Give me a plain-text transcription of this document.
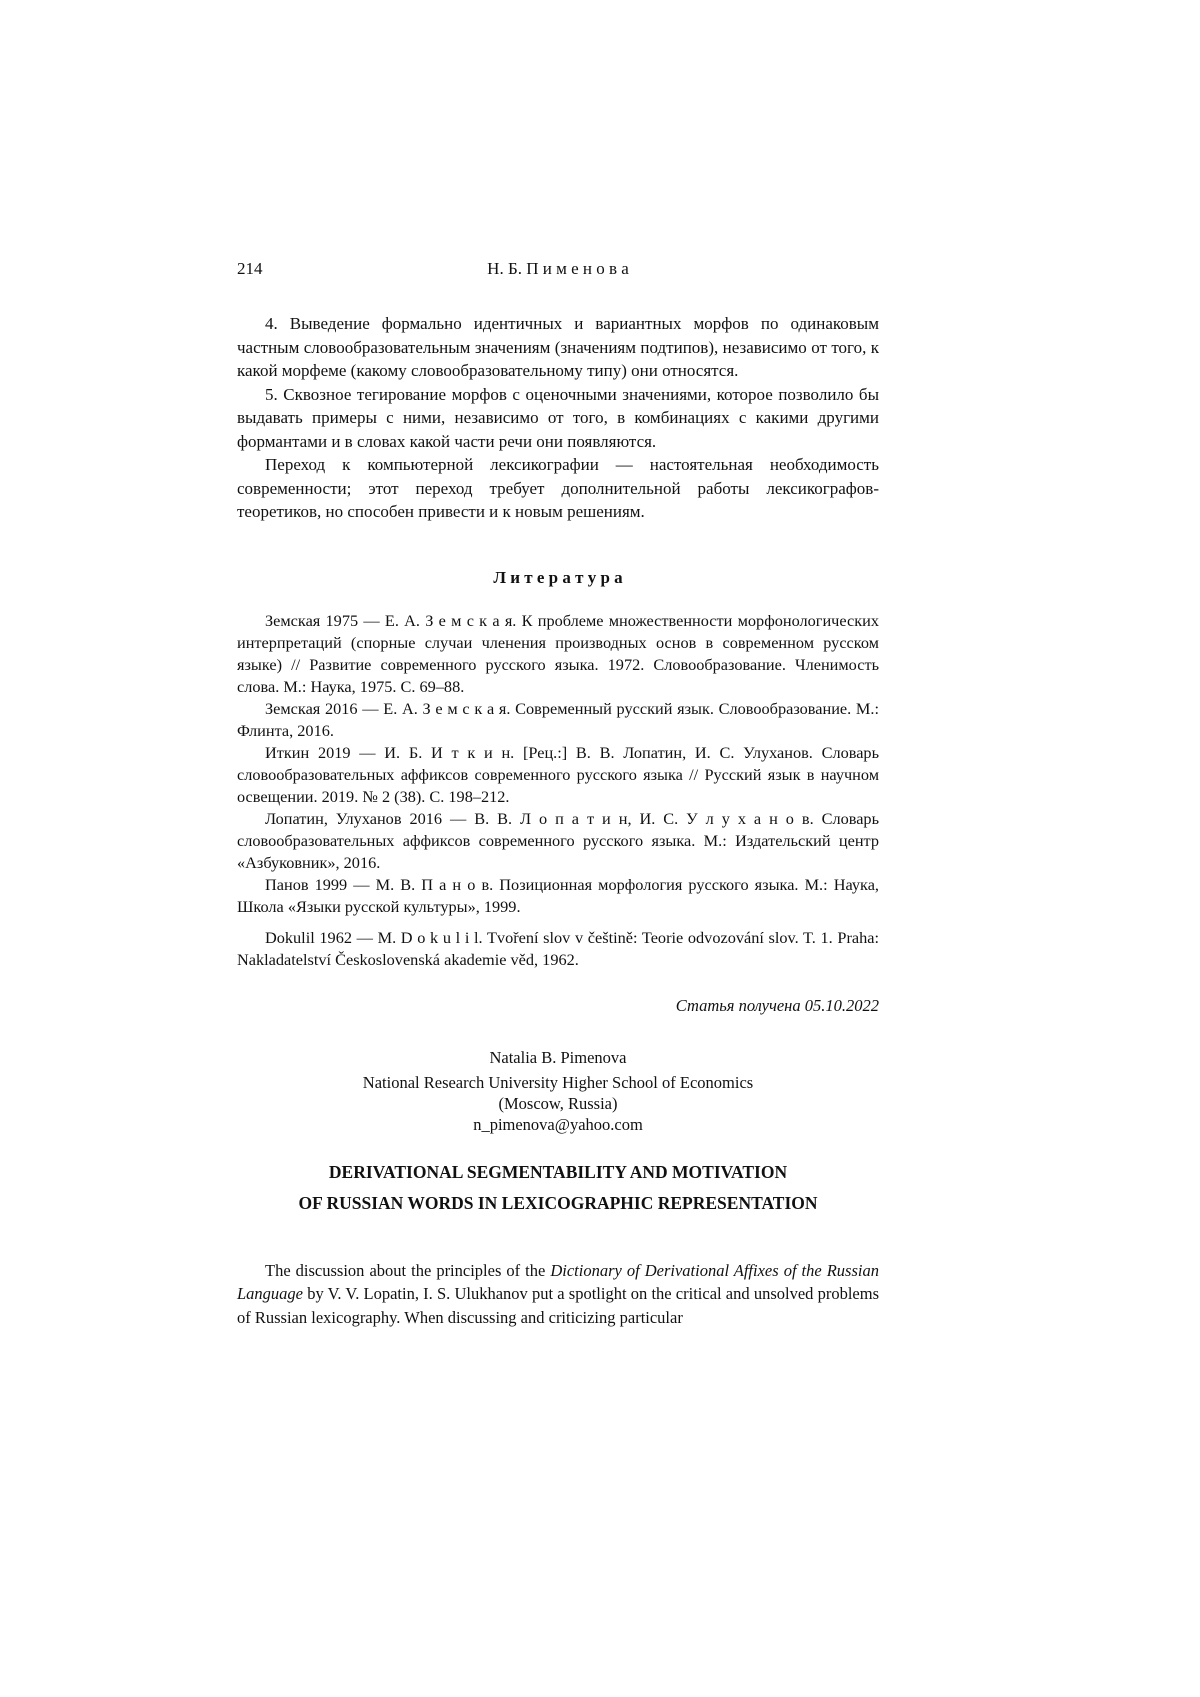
214	Н. Б. П и м е н о в а

4. Выведение формально идентичных и вариантных морфов по одинаковым частным словообразовательным значениям (значениям подтипов), независимо от того, к какой морфеме (какому словообразовательному типу) они относятся.

5. Сквозное тегирование морфов с оценочными значениями, которое позволило бы выдавать примеры с ними, независимо от того, в комбинациях с какими другими формантами и в словах какой части речи они появляются.

Переход к компьютерной лексикографии — настоятельная необходимость современности; этот переход требует дополнительной работы лексикографов-теоретиков, но способен привести и к новым решениям.

Л и т е р а т у р а

Земская 1975 — Е. А. З е м с к а я. К проблеме множественности морфонологических интерпретаций (спорные случаи членения производных основ в современном русском языке) // Развитие современного русского языка. 1972. Словообразование. Членимость слова. М.: Наука, 1975. С. 69–88.

Земская 2016 — Е. А. З е м с к а я. Современный русский язык. Словообразование. М.: Флинта, 2016.

Иткин 2019 — И. Б. И т к и н. [Рец.:] В. В. Лопатин, И. С. Улуханов. Словарь словообразовательных аффиксов современного русского языка // Русский язык в научном освещении. 2019. № 2 (38). С. 198–212.

Лопатин, Улуханов 2016 — В. В. Л о п а т и н, И. С. У л у х а н о в. Словарь словообразовательных аффиксов современного русского языка. М.: Издательский центр «Азбуковник», 2016.

Панов 1999 — М. В. П а н о в. Позиционная морфология русского языка. М.: Наука, Школа «Языки русской культуры», 1999.

Dokulil 1962 — M. D o k u l i l. Tvoření slov v češtině: Teorie odvozování slov. T. 1. Praha: Nakladatelství Československá akademie věd, 1962.

Статья получена 05.10.2022

Natalia B. Pimenova

National Research University Higher School of Economics

(Moscow, Russia)

n_pimenova@yahoo.com

DERIVATIONAL SEGMENTABILITY AND MOTIVATION
OF RUSSIAN WORDS IN LEXICOGRAPHIC REPRESENTATION

The discussion about the principles of the Dictionary of Derivational Affixes of the Russian Language by V. V. Lopatin, I. S. Ulukhanov put a spotlight on the critical and unsolved problems of Russian lexicography. When discussing and criticizing particular
